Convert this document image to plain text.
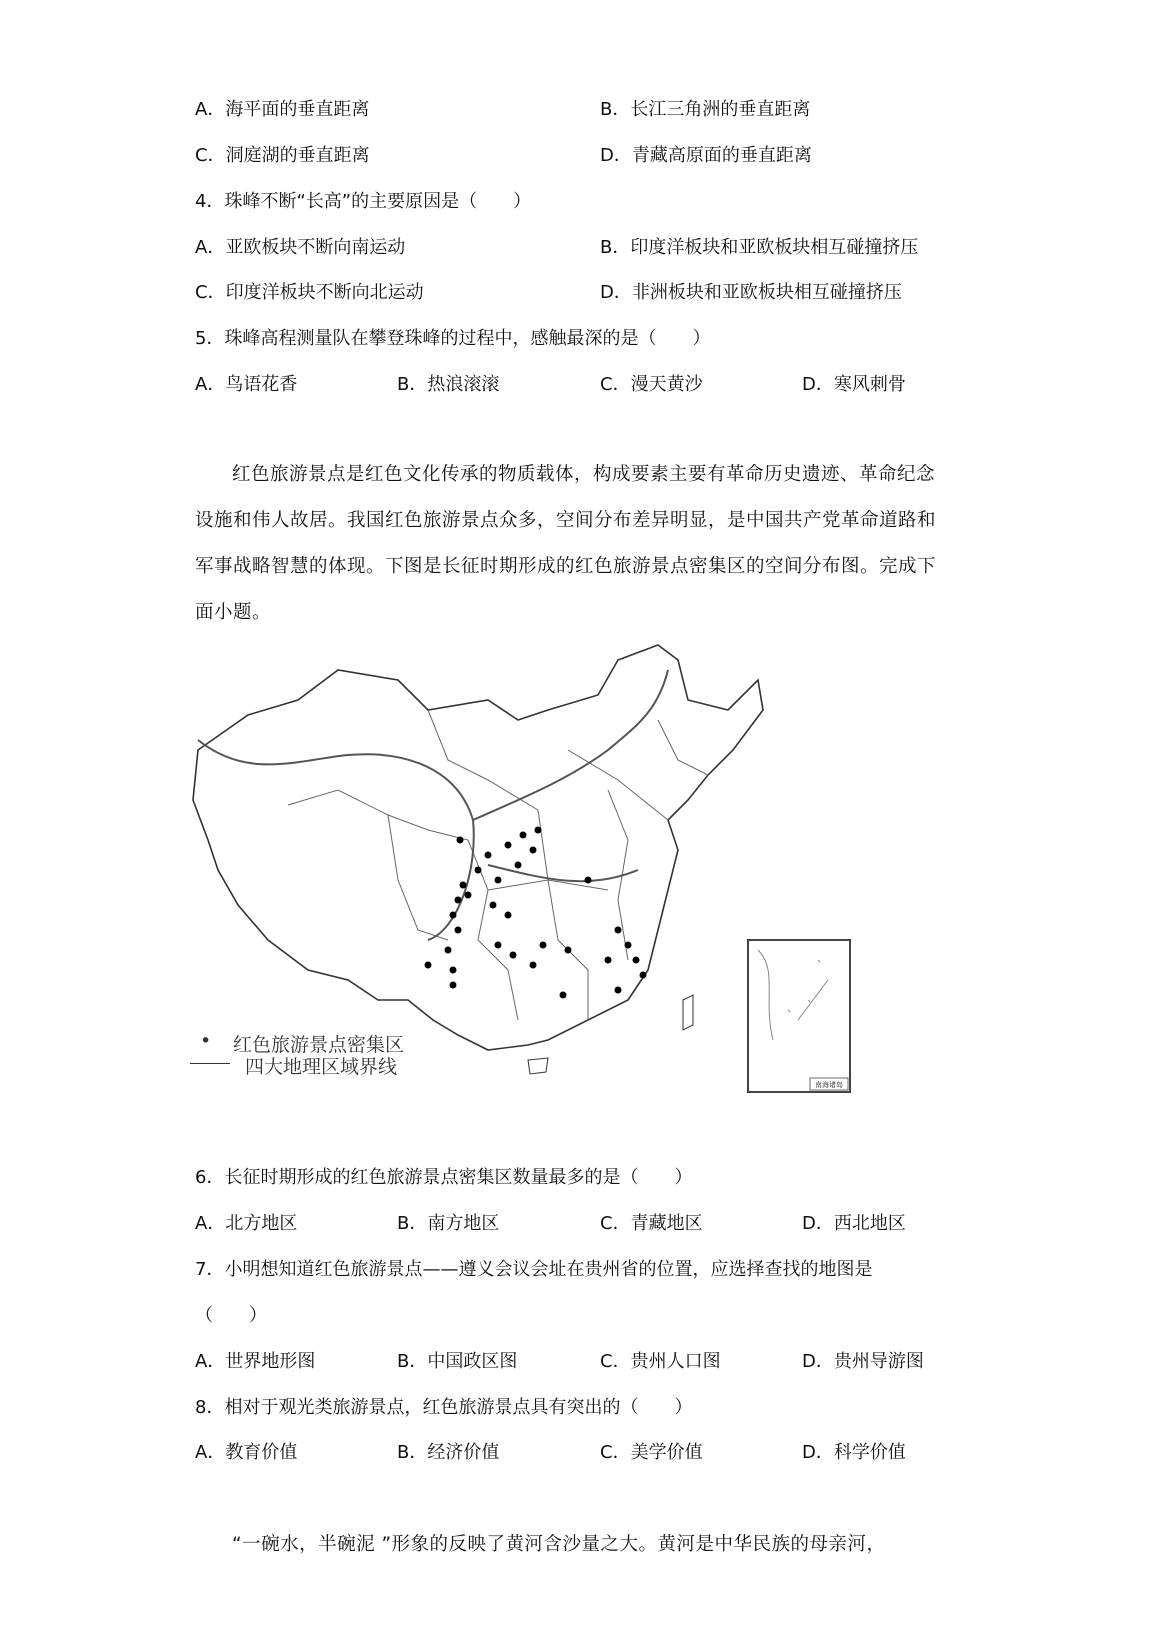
A．海平面的垂直距离	B．长江三角洲的垂直距离
C．洞庭湖的垂直距离	D．青藏高原面的垂直距离
4．珠峰不断“长高”的主要原因是（　　）
A．亚欧板块不断向南运动	B．印度洋板块和亚欧板块相互碰撞挤压
C．印度洋板块不断向北运动	D．非洲板块和亚欧板块相互碰撞挤压
5．珠峰高程测量队在攀登珠峰的过程中，感触最深的是（　　）
A．鸟语花香	B．热浪滚滚	C．漫天黄沙	D．寒风刺骨
红色旅游景点是红色文化传承的物质载体，构成要素主要有革命历史遗迹、革命纪念设施和伟人故居。我国红色旅游景点众多，空间分布差异明显，是中国共产党革命道路和军事战略智慧的体现。下图是长征时期形成的红色旅游景点密集区的空间分布图。完成下面小题。
南海诸岛
• 红色旅游景点密集区
四大地理区域界线
6．长征时期形成的红色旅游景点密集区数量最多的是（　　）
A．北方地区	B．南方地区	C．青藏地区	D．西北地区
7．小明想知道红色旅游景点——遵义会议会址在贵州省的位置，应选择查找的地图是
（　　）
A．世界地形图	B．中国政区图	C．贵州人口图	D．贵州导游图
8．相对于观光类旅游景点，红色旅游景点具有突出的（　　）
A．教育价值	B．经济价值	C．美学价值	D．科学价值
“一碗水，半碗泥 ”形象的反映了黄河含沙量之大。黄河是中华民族的母亲河，
